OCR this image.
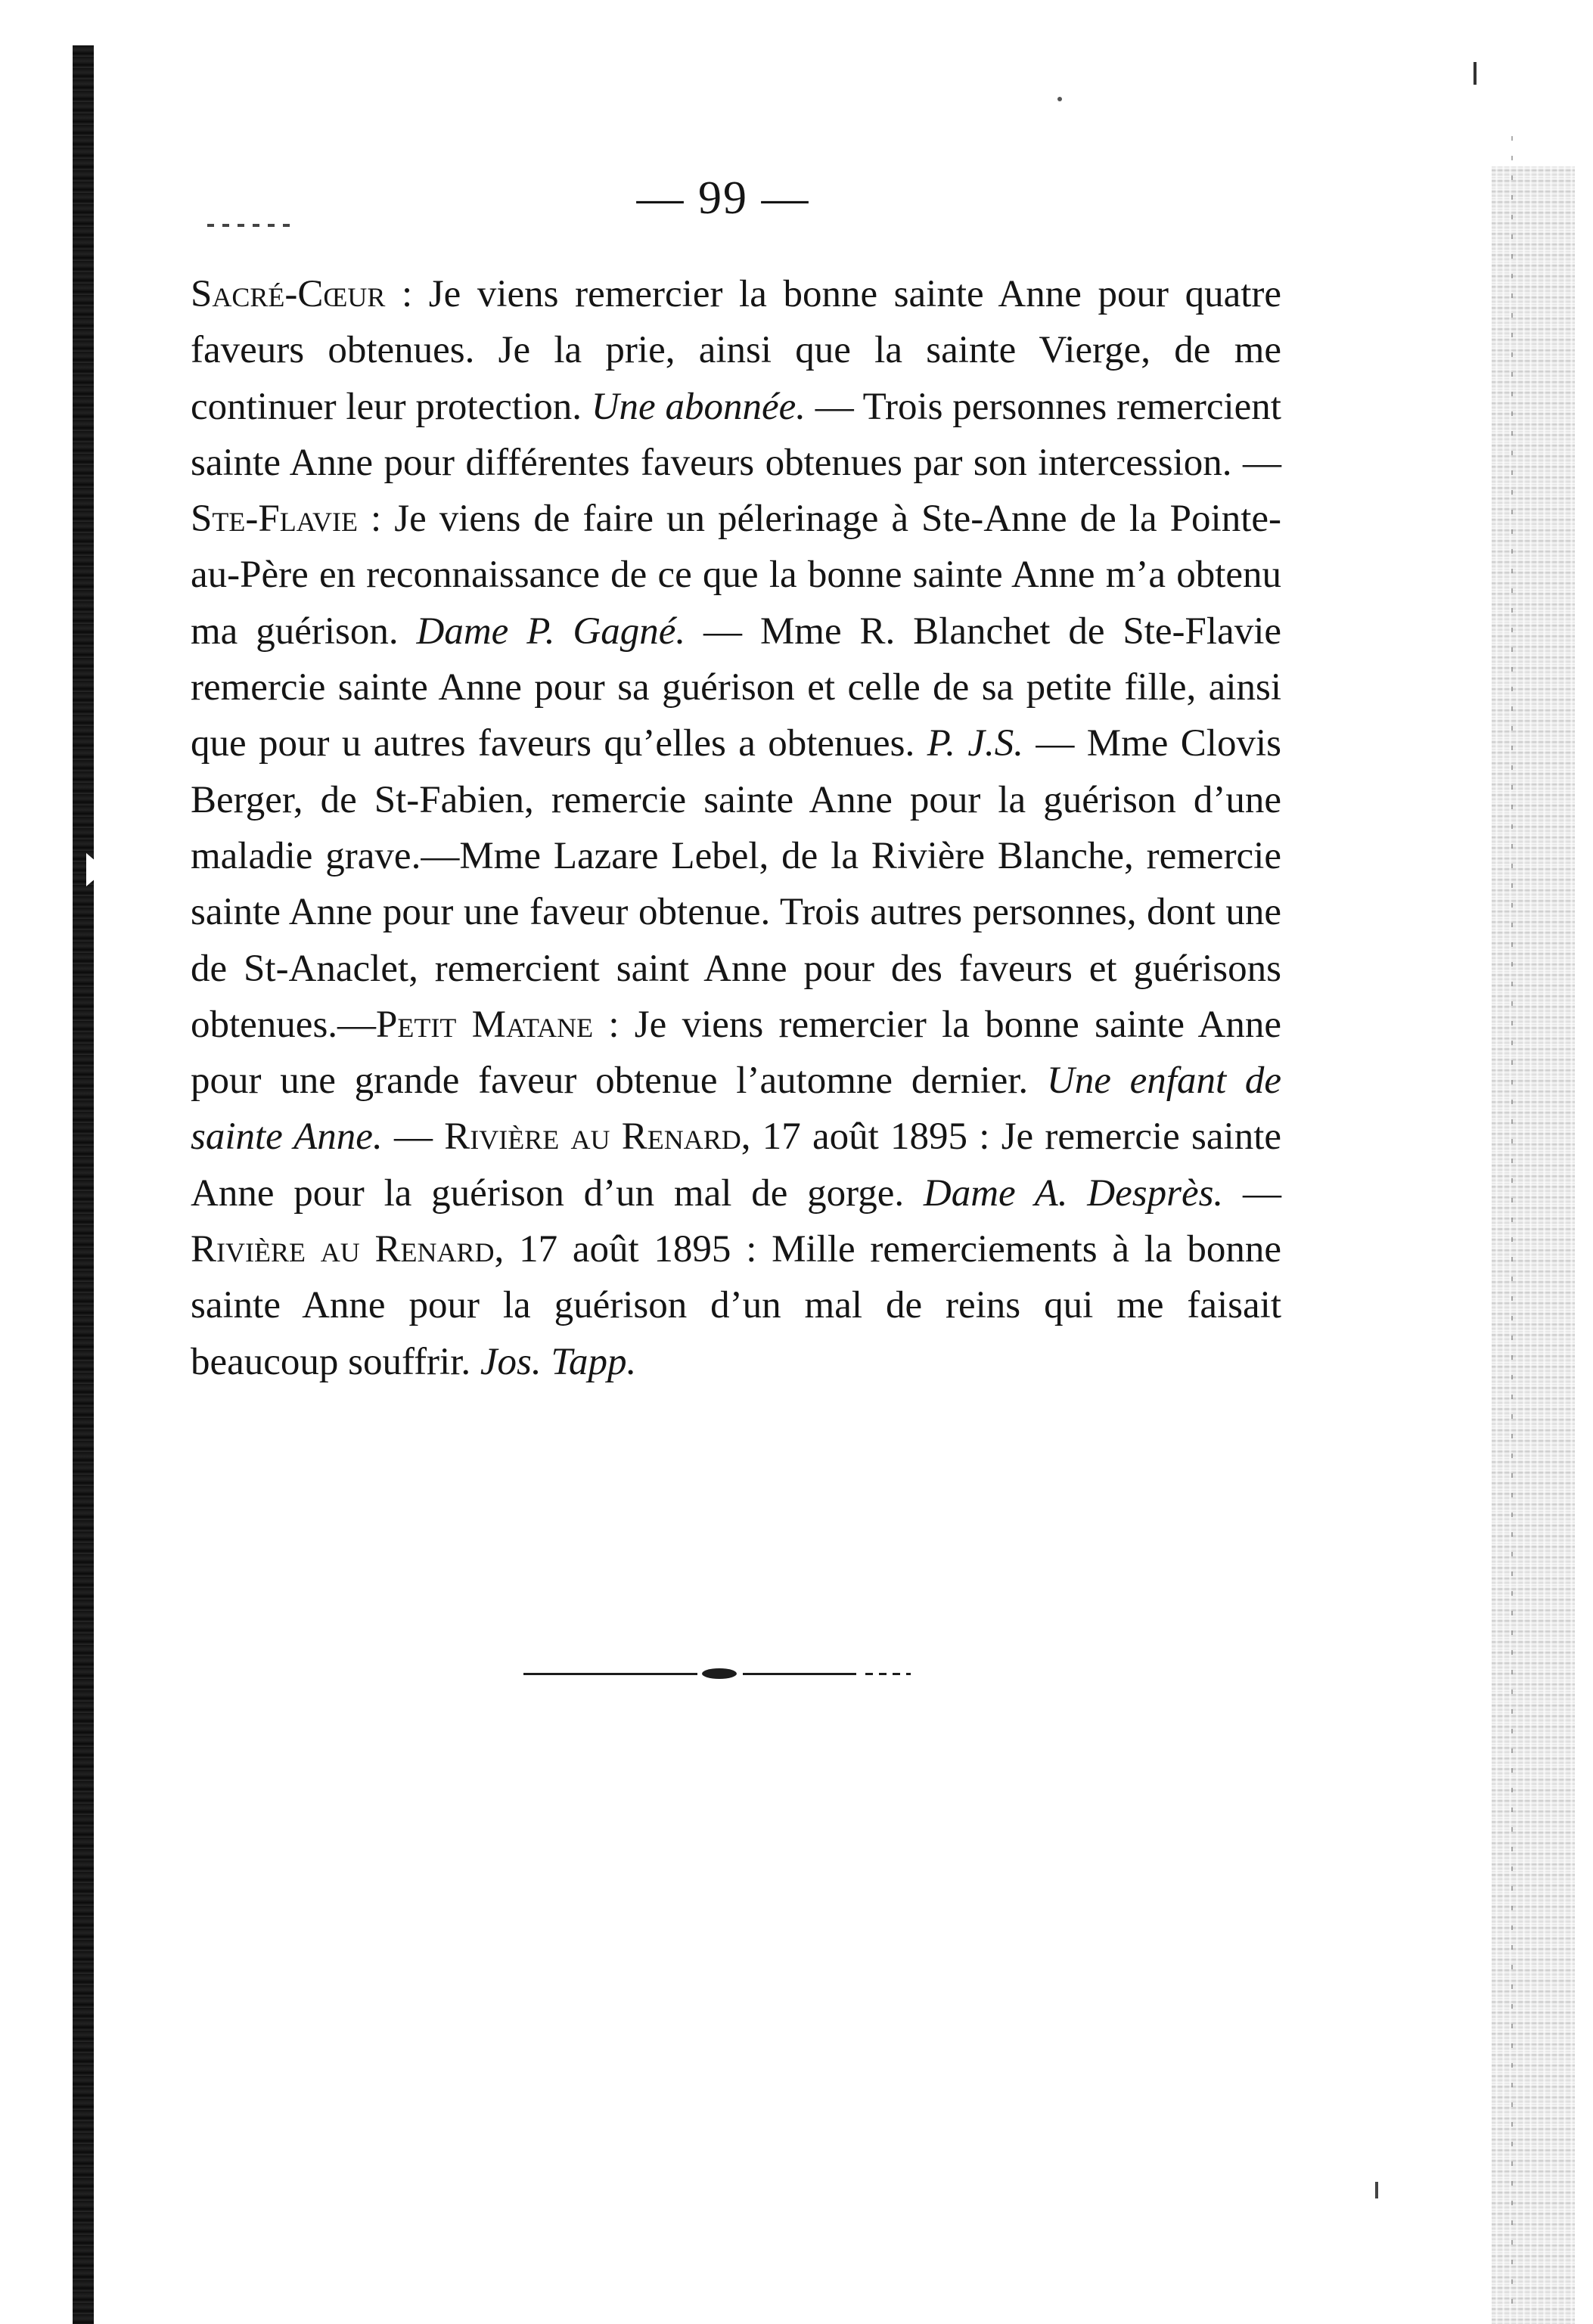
— 99 —
Sacré-Cœur : Je viens remercier la bonne sainte Anne pour quatre faveurs obtenues. Je la prie, ainsi que la sainte Vierge, de me continuer leur protection. Une abonnée. — Trois personnes remercient sainte Anne pour différentes faveurs obtenues par son intercession. — Ste-Flavie : Je viens de faire un pélerinage à Ste-Anne de la Pointe-au-Père en reconnaissance de ce que la bonne sainte Anne m’a obtenu ma guérison. Dame P. Gagné. — Mme R. Blanchet de Ste-Flavie remercie sainte Anne pour sa guérison et celle de sa petite fille, ainsi que pour u autres faveurs qu’elles a obtenues. P. J.S. — Mme Clovis Berger, de St-Fabien, remercie sainte Anne pour la guérison d’une maladie grave.—Mme Lazare Lebel, de la Rivière Blanche, remercie sainte Anne pour une faveur obtenue. Trois autres personnes, dont une de St-Anaclet, remercient saint Anne pour des faveurs et guérisons obtenues.—Petit Matane : Je viens remercier la bonne sainte Anne pour une grande faveur obtenue l’automne dernier. Une enfant de sainte Anne. — Rivière au Renard, 17 août 1895 : Je remercie sainte Anne pour la guérison d’un mal de gorge. Dame A. Desprès. — Rivière au Renard, 17 août 1895 : Mille remerciements à la bonne sainte Anne pour la guérison d’un mal de reins qui me faisait beaucoup souffrir. Jos. Tapp.
